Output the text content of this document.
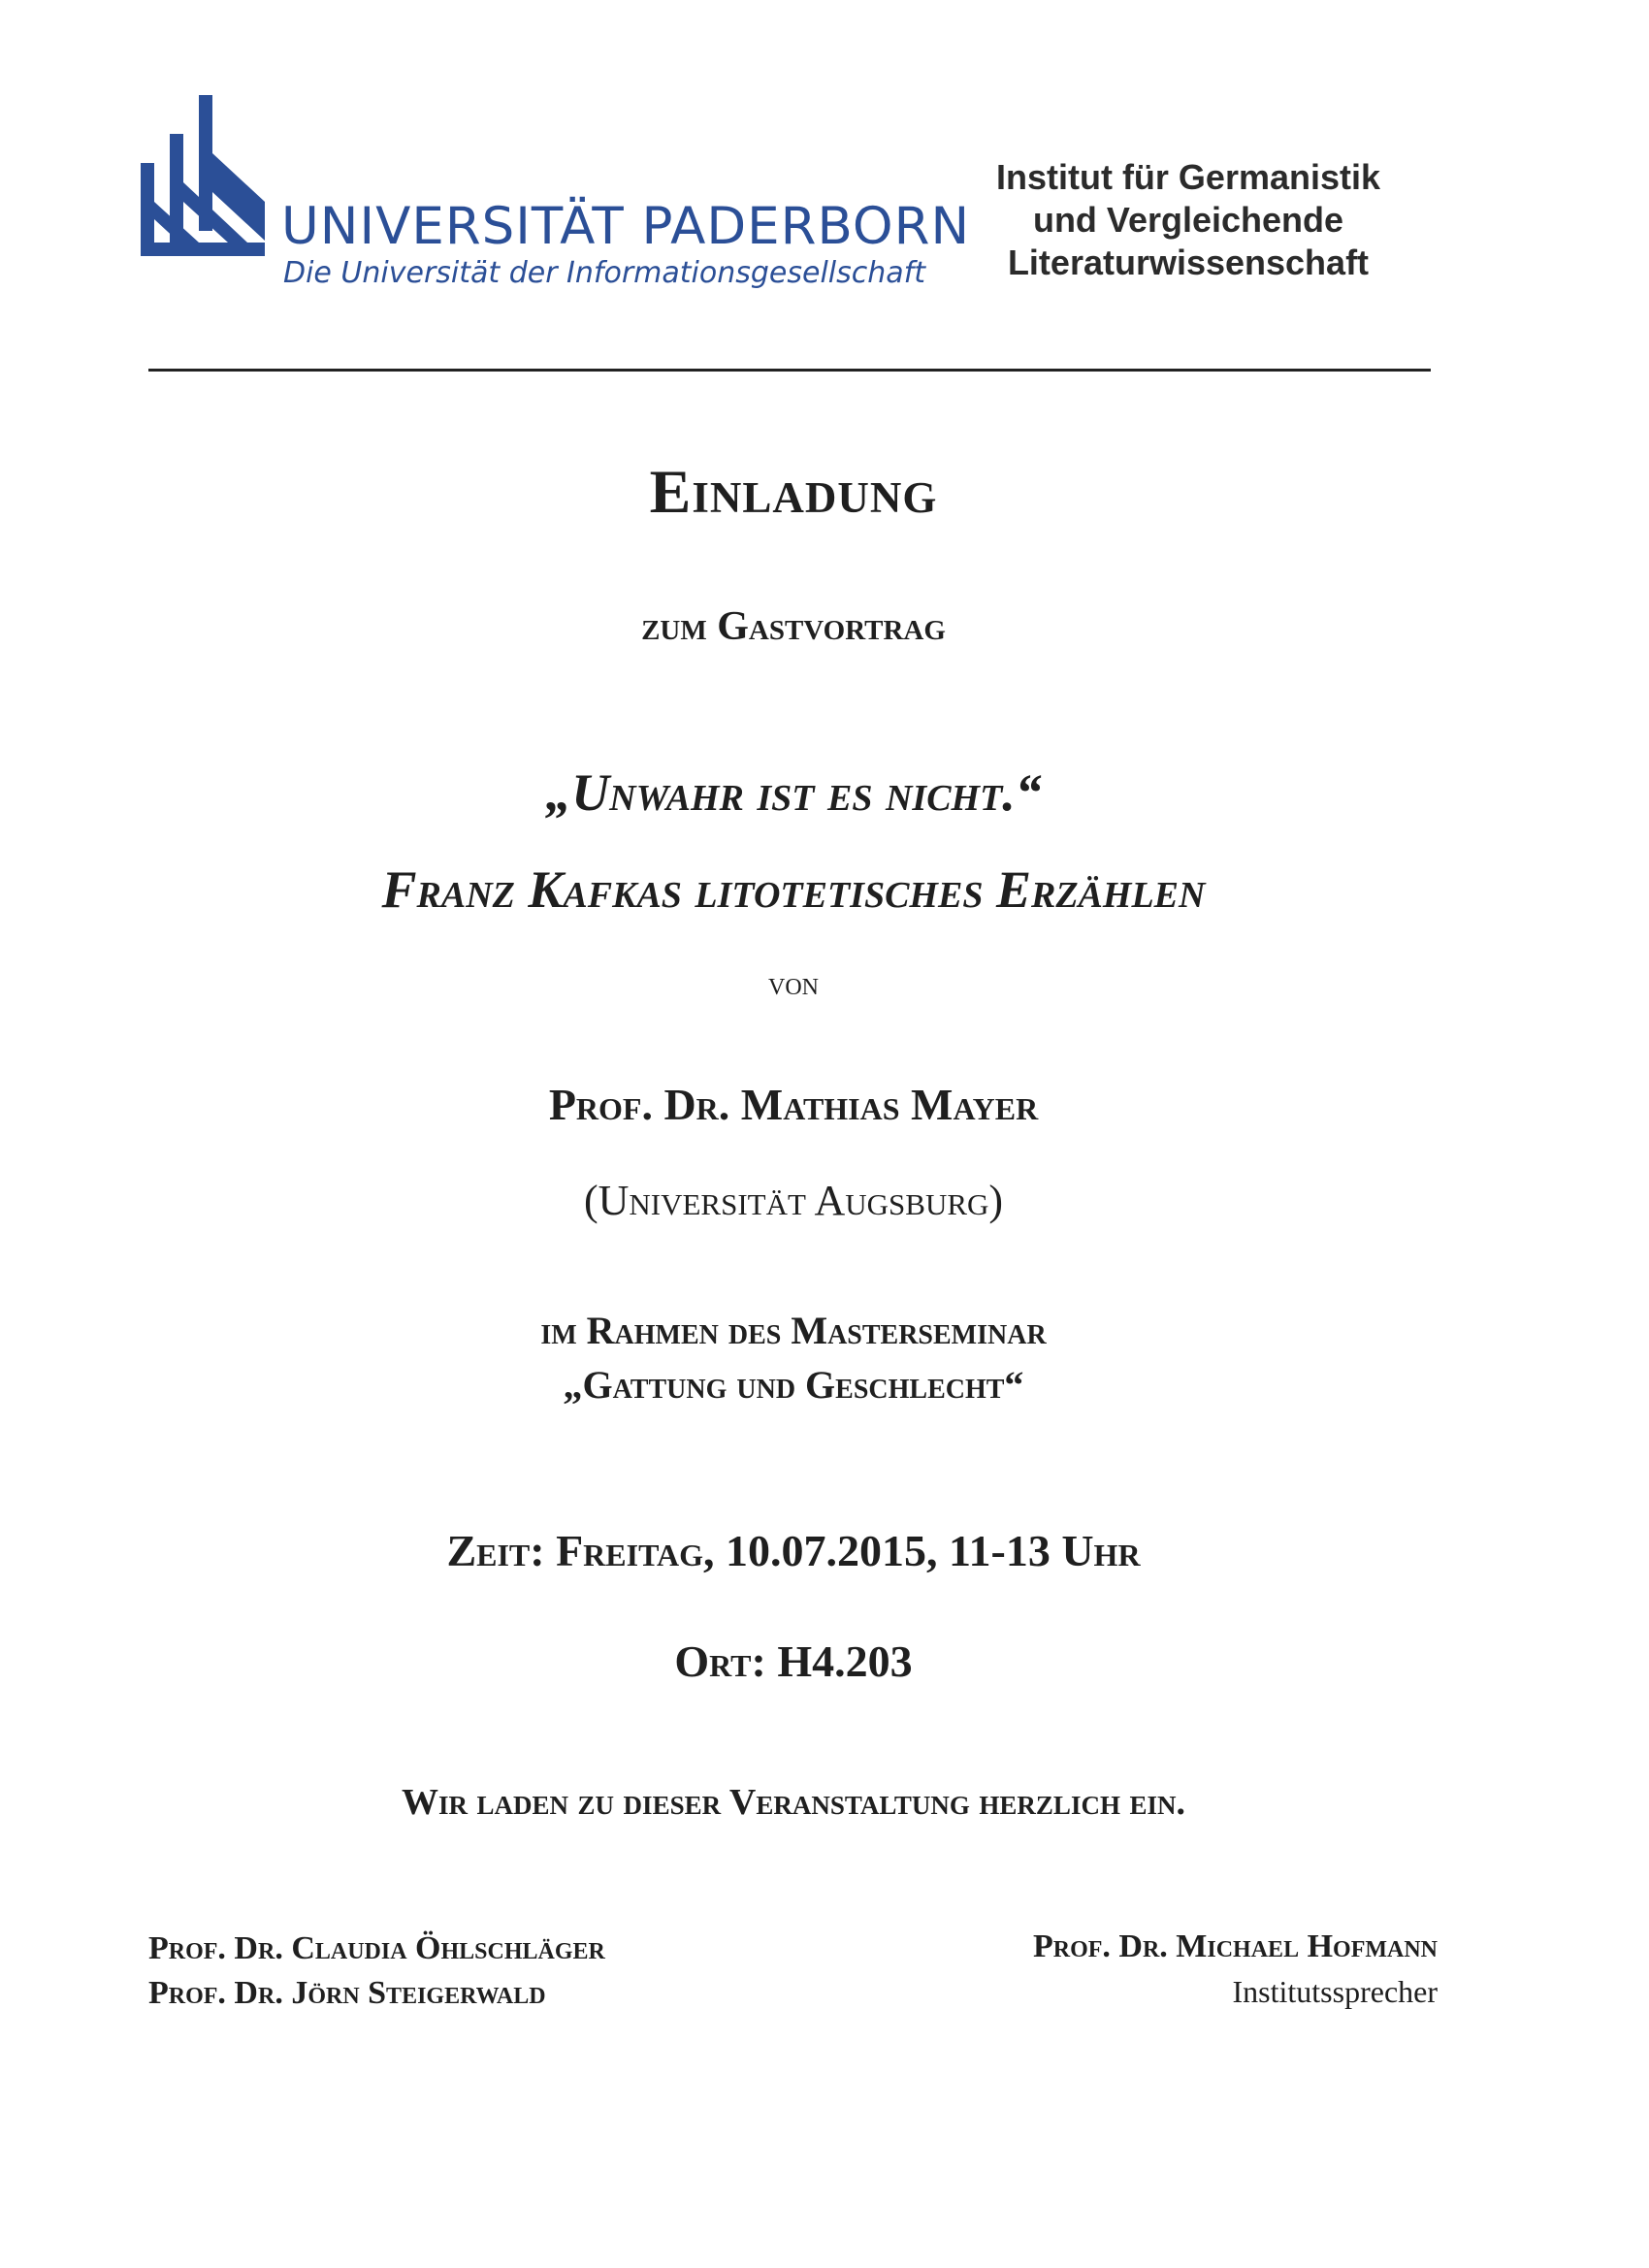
UNIVERSITÄT PADERBORN
Die Universität der Informationsgesellschaft
Institut für Germanistik
und Vergleichende
Literaturwissenschaft
Einladung
zum Gastvortrag
„Unwahr ist es nicht.“
Franz Kafkas litotetisches Erzählen
von
Prof. Dr. Mathias Mayer
(Universität Augsburg)
im Rahmen des Masterseminar
„Gattung und Geschlecht“
Zeit: Freitag, 10.07.2015, 11-13 Uhr
Ort: H4.203
Wir laden zu dieser Veranstaltung herzlich ein.
Prof. Dr. Claudia Öhlschläger
Prof. Dr. Jörn Steigerwald
Prof. Dr. Michael Hofmann
Institutssprecher
